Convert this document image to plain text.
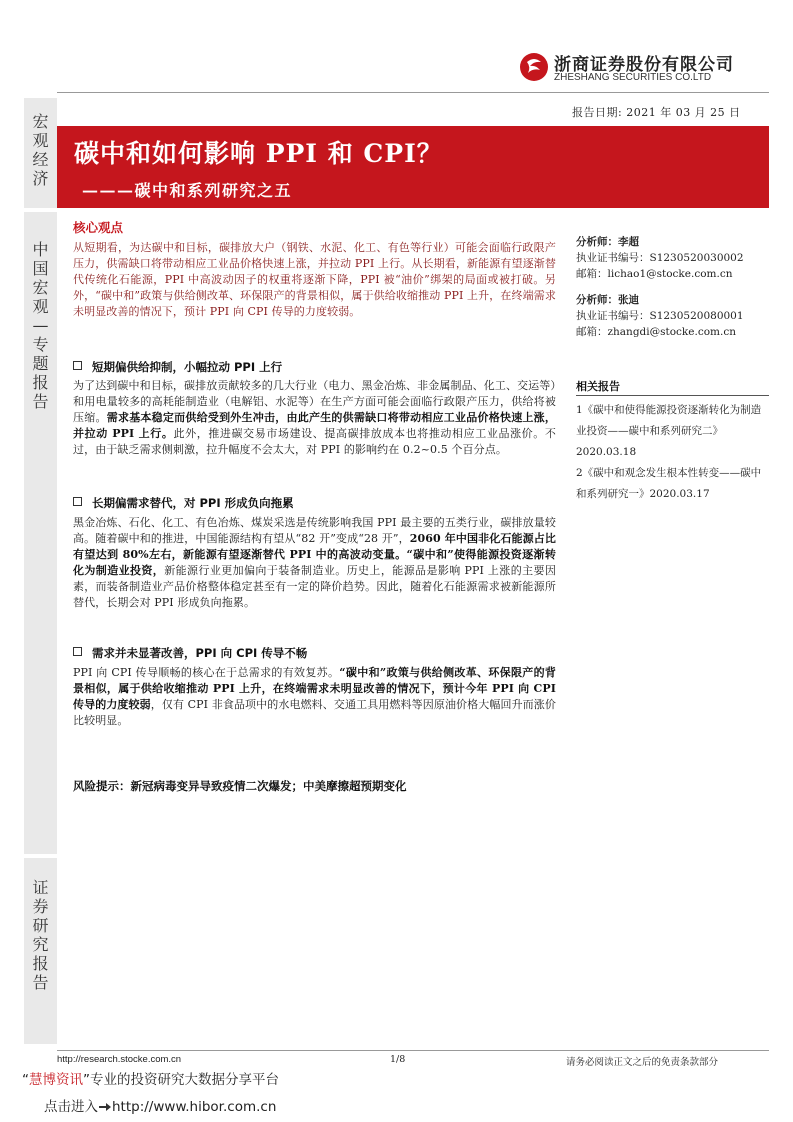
浙商证券股份有限公司
ZHESHANG SECURITIES CO.LTD
报告日期: 2021 年 03 月 25 日
碳中和如何影响 PPI 和 CPI？
———碳中和系列研究之五
宏
观
经
济
中
国
宏
观
—
专
题
报
告
证
券
研
究
报
告
核心观点
从短期看，为达碳中和目标，碳排放大户（钢铁、水泥、化工、有色等行业）可能会面临行政限产压力，供需缺口将带动相应工业品价格快速上涨，并拉动 PPI 上行。从长期看，新能源有望逐渐替代传统化石能源，PPI 中高波动因子的权重将逐渐下降，PPI 被“油价”绑架的局面或被打破。另外，“碳中和”政策与供给侧改革、环保限产的背景相似，属于供给收缩推动 PPI 上升，在终端需求未明显改善的情况下，预计 PPI 向 CPI 传导的力度较弱。
短期偏供给抑制，小幅拉动 PPI 上行
为了达到碳中和目标，碳排放贡献较多的几大行业（电力、黑金冶炼、非金属制品、化工、交运等）和用电量较多的高耗能制造业（电解铝、水泥等）在生产方面可能会面临行政限产压力，供给将被压缩。需求基本稳定而供给受到外生冲击，由此产生的供需缺口将带动相应工业品价格快速上涨，并拉动 PPI 上行。此外，推进碳交易市场建设、提高碳排放成本也将推动相应工业品涨价。不过，由于缺乏需求侧刺激，拉升幅度不会太大，对 PPI 的影响约在 0.2~0.5 个百分点。
长期偏需求替代，对 PPI 形成负向拖累
黑金冶炼、石化、化工、有色冶炼、煤炭采选是传统影响我国 PPI 最主要的五类行业，碳排放量较高。随着碳中和的推进，中国能源结构有望从“82 开”变成“28 开”，2060 年中国非化石能源占比有望达到 80%左右，新能源有望逐渐替代 PPI 中的高波动变量。“碳中和”使得能源投资逐渐转化为制造业投资，新能源行业更加偏向于装备制造业。历史上，能源品是影响 PPI 上涨的主要因素，而装备制造业产品价格整体稳定甚至有一定的降价趋势。因此，随着化石能源需求被新能源所替代，长期会对 PPI 形成负向拖累。
需求并未显著改善，PPI 向 CPI 传导不畅
PPI 向 CPI 传导顺畅的核心在于总需求的有效复苏。“碳中和”政策与供给侧改革、环保限产的背景相似，属于供给收缩推动 PPI 上升，在终端需求未明显改善的情况下，预计今年 PPI 向 CPI 传导的力度较弱，仅有 CPI 非食品项中的水电燃料、交通工具用燃料等因原油价格大幅回升而涨价比较明显。
风险提示：新冠病毒变异导致疫情二次爆发；中美摩擦超预期变化
分析师：李超
执业证书编号：S1230520030002
邮箱：lichao1@stocke.com.cn
分析师：张迪
执业证书编号：S1230520080001
邮箱：zhangdi@stocke.com.cn
相关报告
1《碳中和使得能源投资逐渐转化为制造业投资——碳中和系列研究二》2020.03.18
2《碳中和观念发生根本性转变——碳中和系列研究一》2020.03.17
http://research.stocke.com.cn	1/8	请务必阅读正文之后的免责条款部分
“慧博资讯”专业的投资研究大数据分享平台
点击进入 http://www.hibor.com.cn
